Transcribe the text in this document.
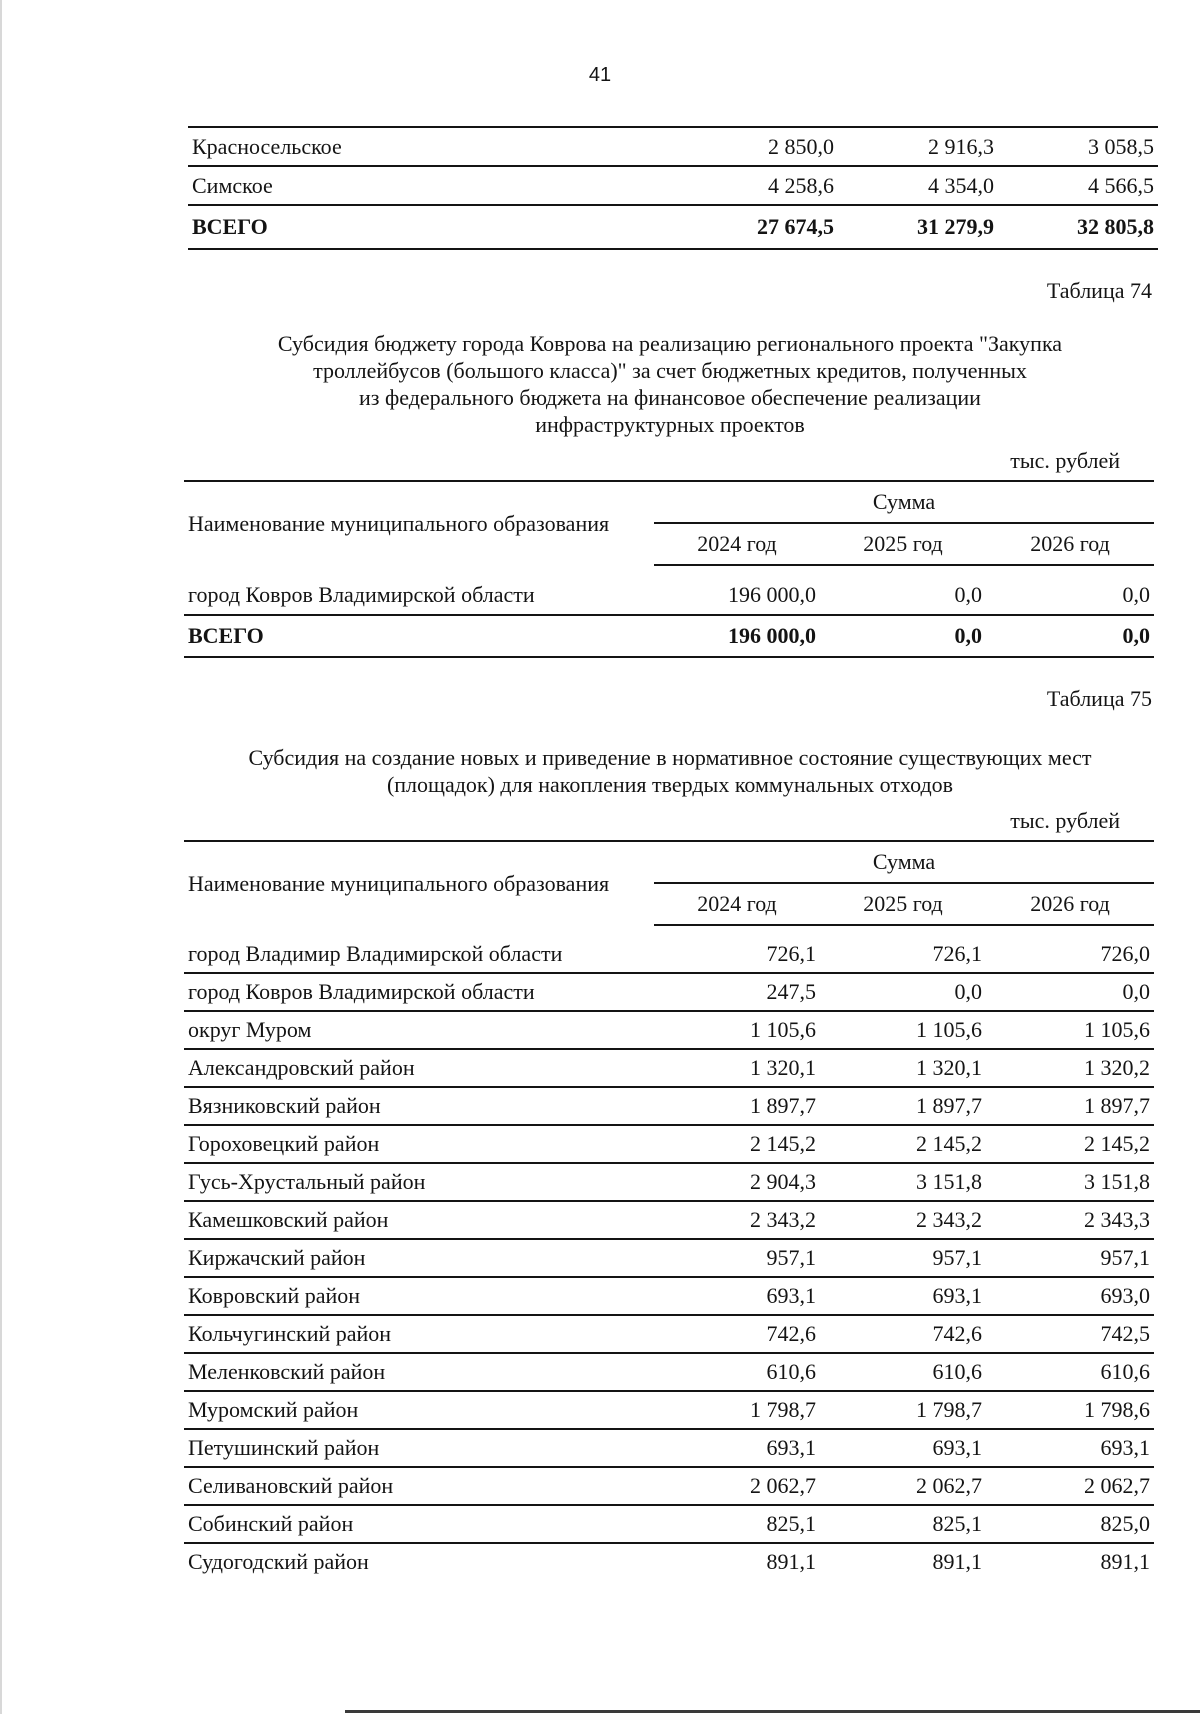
41
Красносельское	2 850,0	2 916,3	3 058,5
Симское	4 258,6	4 354,0	4 566,5
ВСЕГО	27 674,5	31 279,9	32 805,8
Таблица 74
Субсидия бюджету города Коврова на реализацию регионального проекта "Закупка
троллейбусов (большого класса)" за счет бюджетных кредитов, полученных
из федерального бюджета на финансовое обеспечение реализации
инфраструктурных проектов
тыс. рублей
Наименование муниципального образования	Сумма		
	2024 год	2025 год	2026 год
город Ковров Владимирской области	196 000,0	0,0	0,0
ВСЕГО	196 000,0	0,0	0,0
Таблица 75
Субсидия на создание новых и приведение в нормативное состояние существующих мест
(площадок) для накопления твердых коммунальных отходов
тыс. рублей
Наименование муниципального образования	Сумма		
	2024 год	2025 год	2026 год
город Владимир Владимирской области	726,1	726,1	726,0
город Ковров Владимирской области	247,5	0,0	0,0
округ Муром	1 105,6	1 105,6	1 105,6
Александровский район	1 320,1	1 320,1	1 320,2
Вязниковский район	1 897,7	1 897,7	1 897,7
Гороховецкий район	2 145,2	2 145,2	2 145,2
Гусь-Хрустальный район	2 904,3	3 151,8	3 151,8
Камешковский район	2 343,2	2 343,2	2 343,3
Киржачский район	957,1	957,1	957,1
Ковровский район	693,1	693,1	693,0
Кольчугинский район	742,6	742,6	742,5
Меленковский район	610,6	610,6	610,6
Муромский район	1 798,7	1 798,7	1 798,6
Петушинский район	693,1	693,1	693,1
Селивановский район	2 062,7	2 062,7	2 062,7
Собинский район	825,1	825,1	825,0
Судогодский район	891,1	891,1	891,1
